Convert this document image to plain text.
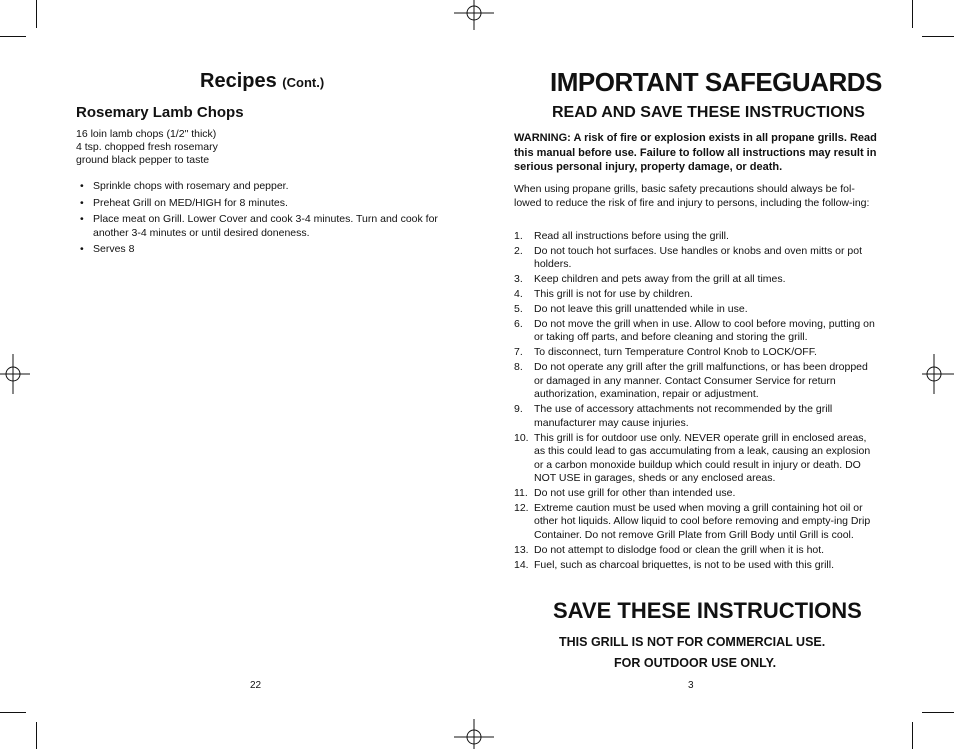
Recipes (Cont.)
Rosemary Lamb Chops
16 loin lamb chops (1/2" thick)
4 tsp. chopped fresh rosemary
ground black pepper to taste
• Sprinkle chops with rosemary and pepper.
• Preheat Grill on MED/HIGH for 8 minutes.
• Place meat on Grill. Lower Cover and cook 3-4 minutes. Turn and cook for another 3-4 minutes or until desired doneness.
• Serves 8
22
IMPORTANT SAFEGUARDS
READ AND SAVE THESE INSTRUCTIONS
WARNING: A risk of fire or explosion exists in all propane grills. Read this manual before use. Failure to follow all instructions may result in serious personal injury, property damage, or death.
When using propane grills, basic safety precautions should always be fol-lowed to reduce the risk of fire and injury to persons, including the follow-ing:
1. Read all instructions before using the grill.
2. Do not touch hot surfaces. Use handles or knobs and oven mitts or pot holders.
3. Keep children and pets away from the grill at all times.
4. This grill is not for use by children.
5. Do not leave this grill unattended while in use.
6. Do not move the grill when in use. Allow to cool before moving, putting on or taking off parts, and before cleaning and storing the grill.
7. To disconnect, turn Temperature Control Knob to LOCK/OFF.
8. Do not operate any grill after the grill malfunctions, or has been dropped or damaged in any manner. Contact Consumer Service for return authorization, examination, repair or adjustment.
9. The use of accessory attachments not recommended by the grill manufacturer may cause injuries.
10. This grill is for outdoor use only. NEVER operate grill in enclosed areas, as this could lead to gas accumulating from a leak, causing an explosion or a carbon monoxide buildup which could result in injury or death. DO NOT USE in garages, sheds or any enclosed areas.
11. Do not use grill for other than intended use.
12. Extreme caution must be used when moving a grill containing hot oil or other hot liquids. Allow liquid to cool before removing and empty-ing Drip Container. Do not remove Grill Plate from Grill Body until Grill is cool.
13. Do not attempt to dislodge food or clean the grill when it is hot.
14. Fuel, such as charcoal briquettes, is not to be used with this grill.
SAVE THESE INSTRUCTIONS
THIS GRILL IS NOT FOR COMMERCIAL USE.
FOR OUTDOOR USE ONLY.
3
